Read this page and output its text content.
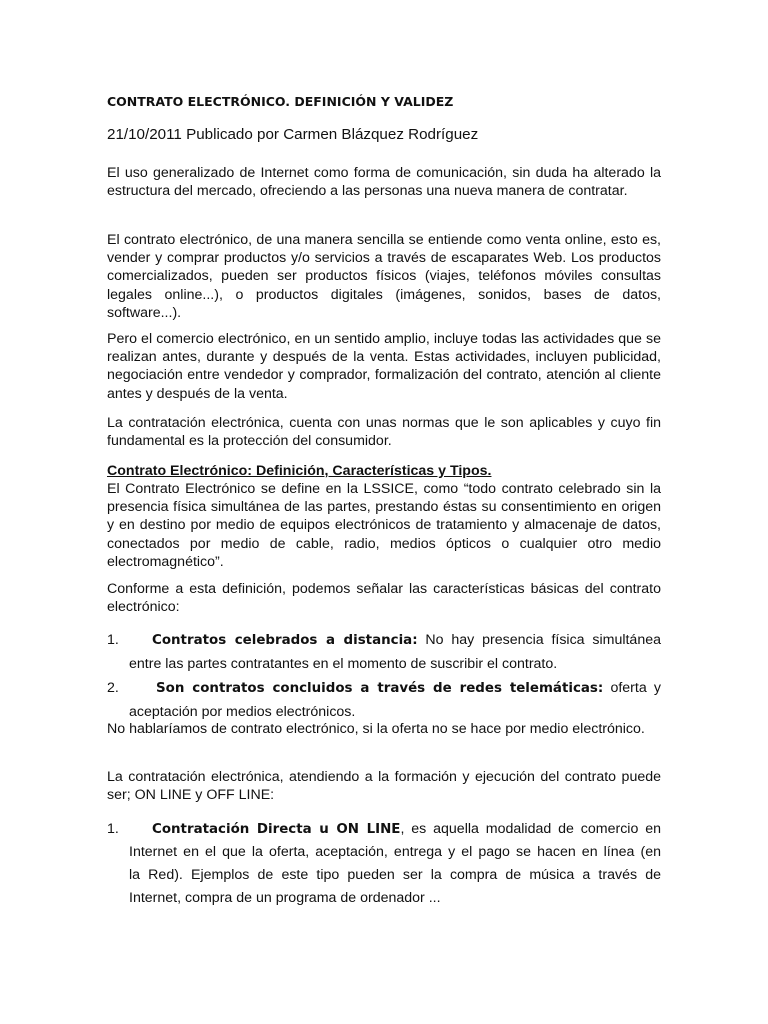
CONTRATO ELECTRÓNICO. DEFINICIÓN Y VALIDEZ
21/10/2011 Publicado por Carmen Blázquez Rodríguez

El uso generalizado de Internet como forma de comunicación, sin duda ha alterado la estructura del mercado, ofreciendo a las personas una nueva manera de contratar.

El contrato electrónico, de una manera sencilla se entiende como venta online, esto es, vender y comprar productos y/o servicios a través de escaparates Web. Los productos comercializados, pueden ser productos físicos (viajes, teléfonos móviles consultas legales online...), o productos digitales (imágenes, sonidos, bases de datos, software...).

Pero el comercio electrónico, en un sentido amplio, incluye todas las actividades que se realizan antes, durante y después de la venta. Estas actividades, incluyen publicidad, negociación entre vendedor y comprador, formalización del contrato, atención al cliente antes y después de la venta.

La contratación electrónica, cuenta con unas normas que le son aplicables y cuyo fin fundamental es la protección del consumidor.

Contrato Electrónico: Definición, Características y Tipos.

El Contrato Electrónico se define en la LSSICE, como “todo contrato celebrado sin la presencia física simultánea de las partes, prestando éstas su consentimiento en origen y en destino por medio de equipos electrónicos de tratamiento y almacenaje de datos, conectados por medio de cable, radio, medios ópticos o cualquier otro medio electromagnético”.

Conforme a esta definición, podemos señalar las características básicas del contrato electrónico:

1. Contratos celebrados a distancia: No hay presencia física simultánea
entre las partes contratantes en el momento de suscribir el contrato.
2.	Son contratos concluidos a través de redes telemáticas: oferta y
aceptación por medios electrónicos.

No hablaríamos de contrato electrónico, si la oferta no se hace por medio electrónico.

La contratación electrónica, atendiendo a la formación y ejecución del contrato puede ser; ON LINE y OFF LINE:

1. Contratación Directa u ON LINE, es aquella modalidad de comercio en
Internet en el que la oferta, aceptación, entrega y el pago se hacen en línea (en
la Red). Ejemplos de este tipo pueden ser la compra de música a través de
Internet, compra de un programa de ordenador ...
